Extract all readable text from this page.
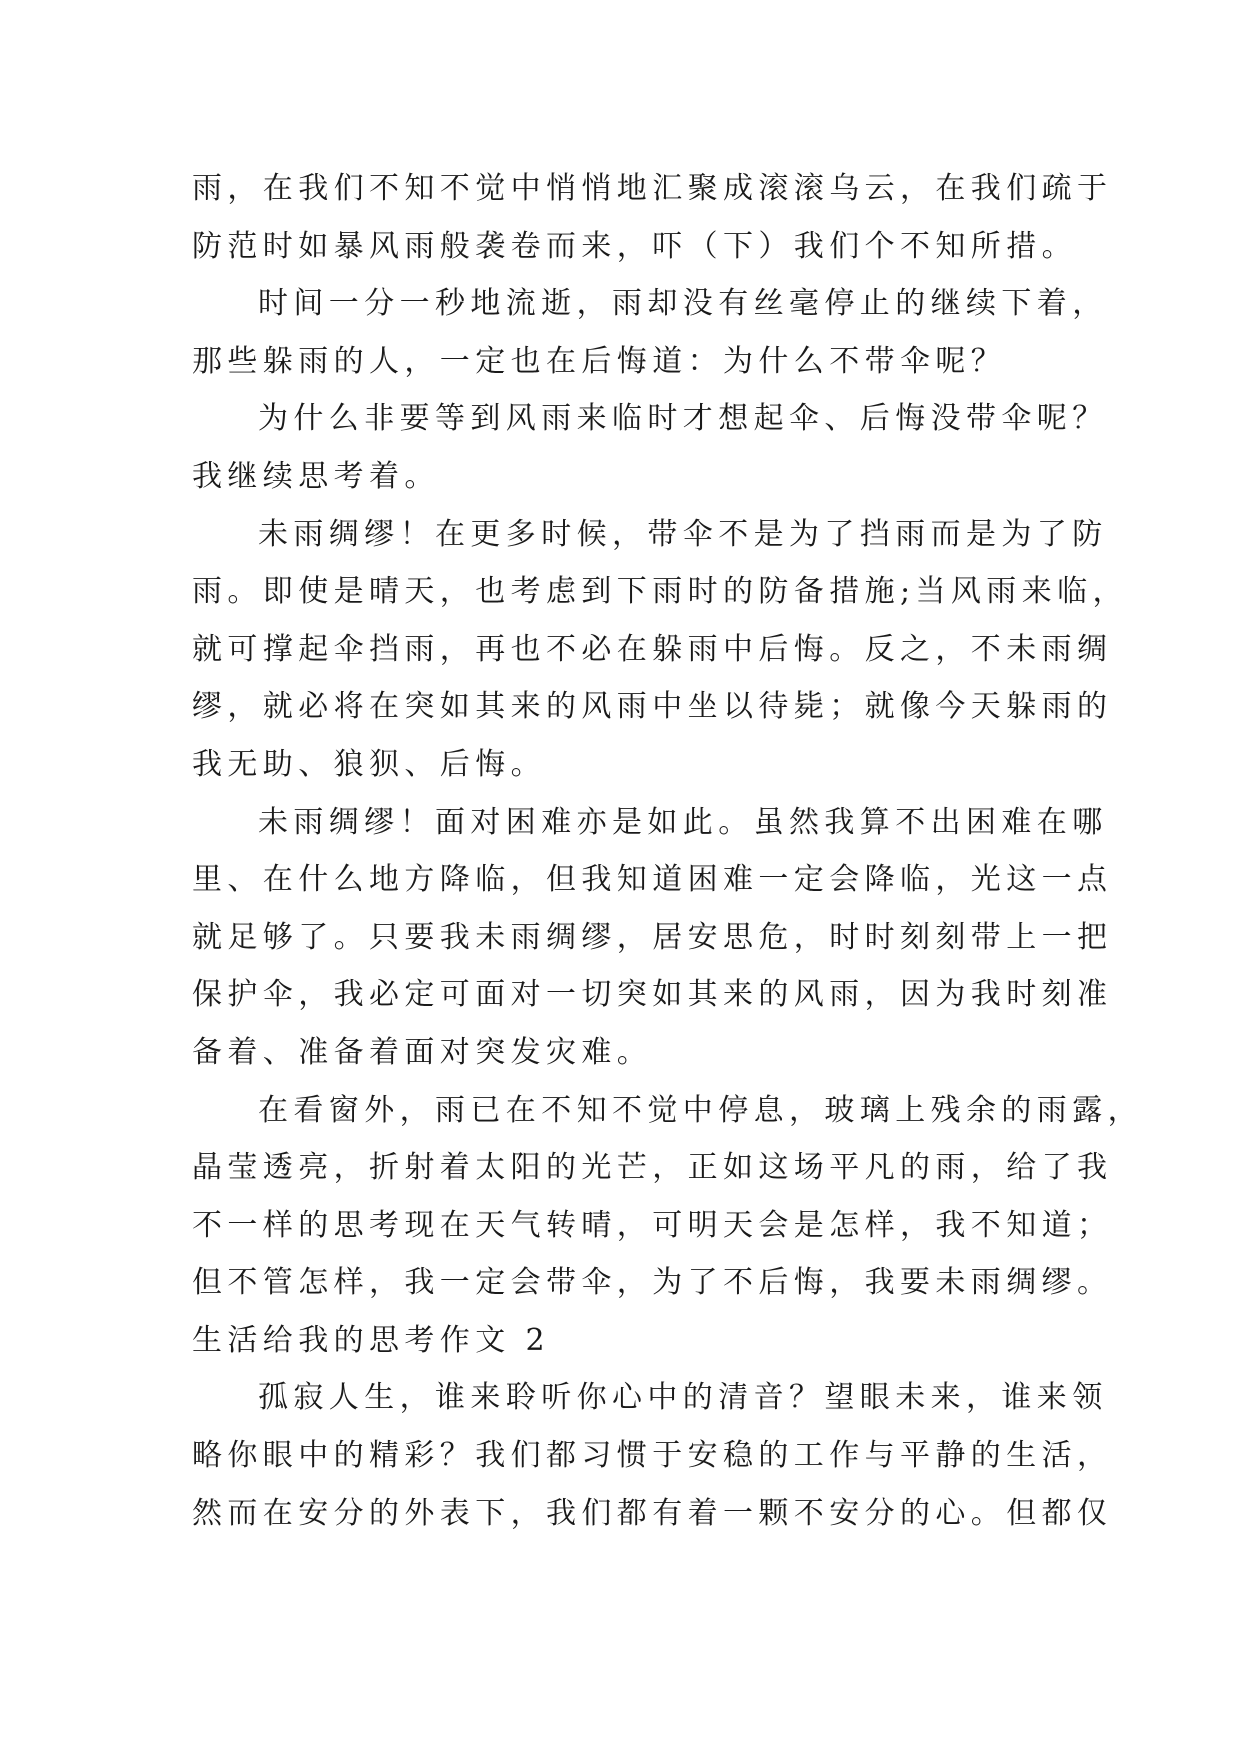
雨，在我们不知不觉中悄悄地汇聚成滚滚乌云，在我们疏于
防范时如暴风雨般袭卷而来，吓（下）我们个不知所措。
时间一分一秒地流逝，雨却没有丝毫停止的继续下着，
那些躲雨的人，一定也在后悔道：为什么不带伞呢？
为什么非要等到风雨来临时才想起伞、后悔没带伞呢？
我继续思考着。
未雨绸缪！在更多时候，带伞不是为了挡雨而是为了防
雨。即使是晴天，也考虑到下雨时的防备措施;当风雨来临，
就可撑起伞挡雨，再也不必在躲雨中后悔。反之，不未雨绸
缪，就必将在突如其来的风雨中坐以待毙；就像今天躲雨的
我无助、狼狈、后悔。
未雨绸缪！面对困难亦是如此。虽然我算不出困难在哪
里、在什么地方降临，但我知道困难一定会降临，光这一点
就足够了。只要我未雨绸缪，居安思危，时时刻刻带上一把
保护伞，我必定可面对一切突如其来的风雨，因为我时刻准
备着、准备着面对突发灾难。
在看窗外，雨已在不知不觉中停息，玻璃上残余的雨露，
晶莹透亮，折射着太阳的光芒，正如这场平凡的雨，给了我
不一样的思考现在天气转晴，可明天会是怎样，我不知道；
但不管怎样，我一定会带伞，为了不后悔，我要未雨绸缪。
生活给我的思考作文 2
孤寂人生，谁来聆听你心中的清音？望眼未来，谁来领
略你眼中的精彩？我们都习惯于安稳的工作与平静的生活，
然而在安分的外表下，我们都有着一颗不安分的心。但都仅
